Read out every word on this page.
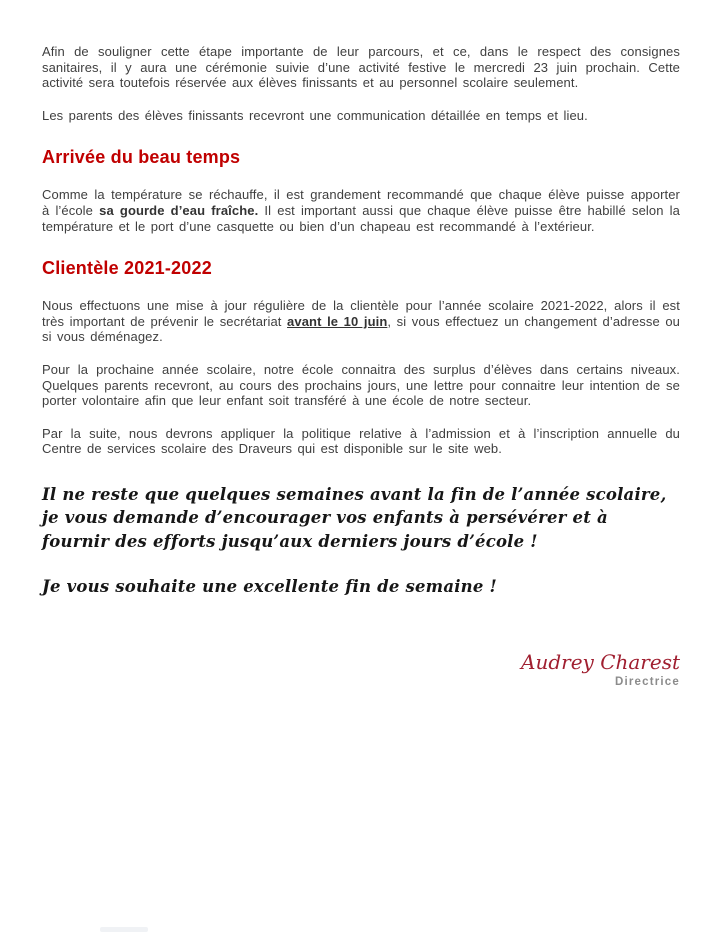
Afin de souligner cette étape importante de leur parcours, et ce, dans le respect des consignes sanitaires, il y aura une cérémonie suivie d’une activité festive le mercredi 23 juin prochain. Cette activité sera toutefois réservée aux élèves finissants et au personnel scolaire seulement.

Les parents des élèves finissants recevront une communication détaillée en temps et lieu.

Arrivée du beau temps

Comme la température se réchauffe, il est grandement recommandé que chaque élève puisse apporter à l’école sa gourde d’eau fraîche. Il est important aussi que chaque élève puisse être habillé selon la température et le port d’une casquette ou bien d’un chapeau est recommandé à l’extérieur.

Clientèle 2021-2022

Nous effectuons une mise à jour régulière de la clientèle pour l’année scolaire 2021-2022, alors il est très important de prévenir le secrétariat avant le 10 juin, si vous effectuez un changement d’adresse ou si vous déménagez.

Pour la prochaine année scolaire, notre école connaitra des surplus d’élèves dans certains niveaux. Quelques parents recevront, au cours des prochains jours, une lettre pour connaitre leur intention de se porter volontaire afin que leur enfant soit transféré à une école de notre secteur.

Par la suite, nous devrons appliquer la politique relative à l’admission et à l’inscription annuelle du Centre de services scolaire des Draveurs qui est disponible sur le site web.

Il ne reste que quelques semaines avant la fin de l’année scolaire, je vous demande d’encourager vos enfants à persévérer et à fournir des efforts jusqu’aux derniers jours d’école !

Je vous souhaite une excellente fin de semaine !

Audrey Charest
Directrice
